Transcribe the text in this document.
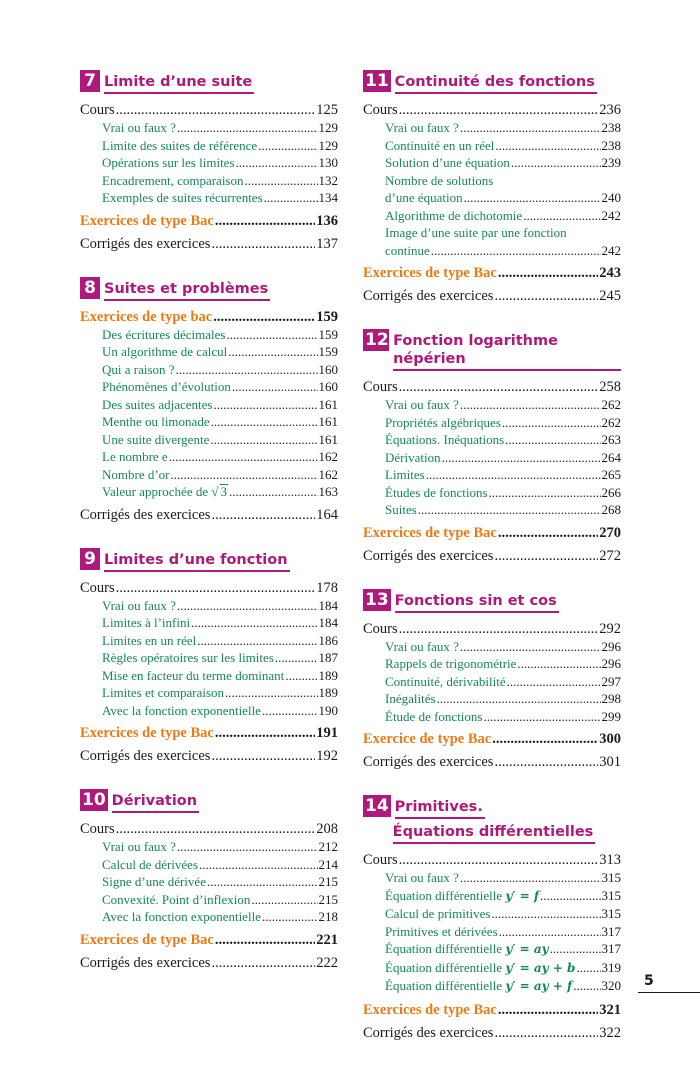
7 Limite d’une suite
Cours .....	125
Vrai ou faux ? .....	129
Limite des suites de référence .....	129
Opérations sur les limites .....	130
Encadrement, comparaison .....	132
Exemples de suites récurrentes .....	134
Exercices de type Bac .....	136
Corrigés des exercices .....	137
8 Suites et problèmes
Exercices de type bac .....	159
Des écritures décimales .....	159
Un algorithme de calcul .....	159
Qui a raison ? .....	160
Phénomènes d’évolution .....	160
Des suites adjacentes .....	161
Menthe ou limonade .....	161
Une suite divergente .....	161
Le nombre e .....	162
Nombre d’or .....	162
Valeur approchée de √ 3 .....	163
Corrigés des exercices .....	164
9 Limites d’une fonction
Cours .....	178
Vrai ou faux ? .....	184
Limites à l’infini .....	184
Limites en un réel .....	186
Règles opératoires sur les limites .....	187
Mise en facteur du terme dominant .....	189
Limites et comparaison .....	189
Avec la fonction exponentielle .....	190
Exercices de type Bac .....	191
Corrigés des exercices .....	192
10 Dérivation
Cours .....	208
Vrai ou faux ? .....	212
Calcul de dérivées .....	214
Signe d’une dérivée .....	215
Convexité. Point d’inflexion .....	215
Avec la fonction exponentielle .....	218
Exercices de type Bac .....	221
Corrigés des exercices .....	222
11 Continuité des fonctions
Cours .....	236
Vrai ou faux ? .....	238
Continuité en un réel .....	238
Solution d’une équation .....	239
Nombre de solutions
d’une équation .....	240
Algorithme de dichotomie .....	242
Image d’une suite par une fonction
continue .....	242
Exercices de type Bac .....	243
Corrigés des exercices .....	245
12 Fonction logarithme népérien
Cours .....	258
Vrai ou faux ? .....	262
Propriétés algébriques .....	262
Équations. Inéquations .....	263
Dérivation .....	264
Limites .....	265
Études de fonctions .....	266
Suites .....	268
Exercices de type Bac .....	270
Corrigés des exercices .....	272
13 Fonctions sin et cos
Cours .....	292
Vrai ou faux ? .....	296
Rappels de trigonométrie .....	296
Continuité, dérivabilité .....	297
Inégalités .....	298
Étude de fonctions .....	299
Exercice de type Bac .....	300
Corrigés des exercices .....	301
14 Primitives.
Équations différentielles
Cours .....	313
Vrai ou faux ? .....	315
Équation différentielle y′ = f .....	315
Calcul de primitives .....	315
Primitives et dérivées .....	317
Équation différentielle y′ = ay .....	317
Équation différentielle y′ = ay + b ..... 319
Équation différentielle y′ = ay + f ..... 320
Exercices de type Bac .....	321
Corrigés des exercices .....	322
5
